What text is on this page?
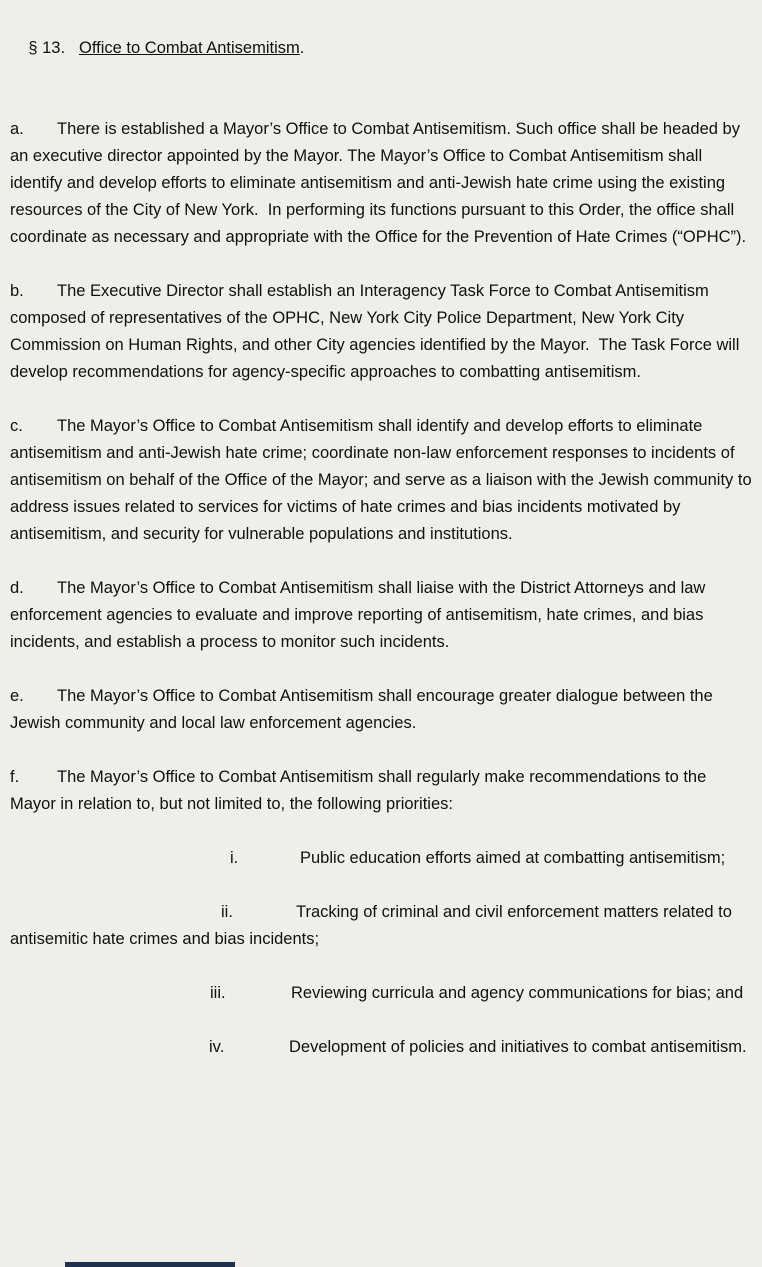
§ 13. Office to Combat Antisemitism.

a. There is established a Mayor’s Office to Combat Antisemitism. Such office shall be headed by an executive director appointed by the Mayor. The Mayor’s Office to Combat Antisemitism shall identify and develop efforts to eliminate antisemitism and anti-Jewish hate crime using the existing resources of the City of New York.  In performing its functions pursuant to this Order, the office shall coordinate as necessary and appropriate with the Office for the Prevention of Hate Crimes (“OPHC”).

b. The Executive Director shall establish an Interagency Task Force to Combat Antisemitism composed of representatives of the OPHC, New York City Police Department, New York City Commission on Human Rights, and other City agencies identified by the Mayor.  The Task Force will develop recommendations for agency-specific approaches to combatting antisemitism.

c. The Mayor’s Office to Combat Antisemitism shall identify and develop efforts to eliminate antisemitism and anti-Jewish hate crime; coordinate non-law enforcement responses to incidents of antisemitism on behalf of the Office of the Mayor; and serve as a liaison with the Jewish community to address issues related to services for victims of hate crimes and bias incidents motivated by antisemitism, and security for vulnerable populations and institutions.

d. The Mayor’s Office to Combat Antisemitism shall liaise with the District Attorneys and law enforcement agencies to evaluate and improve reporting of antisemitism, hate crimes, and bias incidents, and establish a process to monitor such incidents.

e. The Mayor’s Office to Combat Antisemitism shall encourage greater dialogue between the Jewish community and local law enforcement agencies.

f. The Mayor’s Office to Combat Antisemitism shall regularly make recommendations to the Mayor in relation to, but not limited to, the following priorities:

i.	Public education efforts aimed at combatting antisemitism;

ii.	Tracking of criminal and civil enforcement matters related to antisemitic hate crimes and bias incidents;

iii.	Reviewing curricula and agency communications for bias; and

iv.	Development of policies and initiatives to combat antisemitism.
